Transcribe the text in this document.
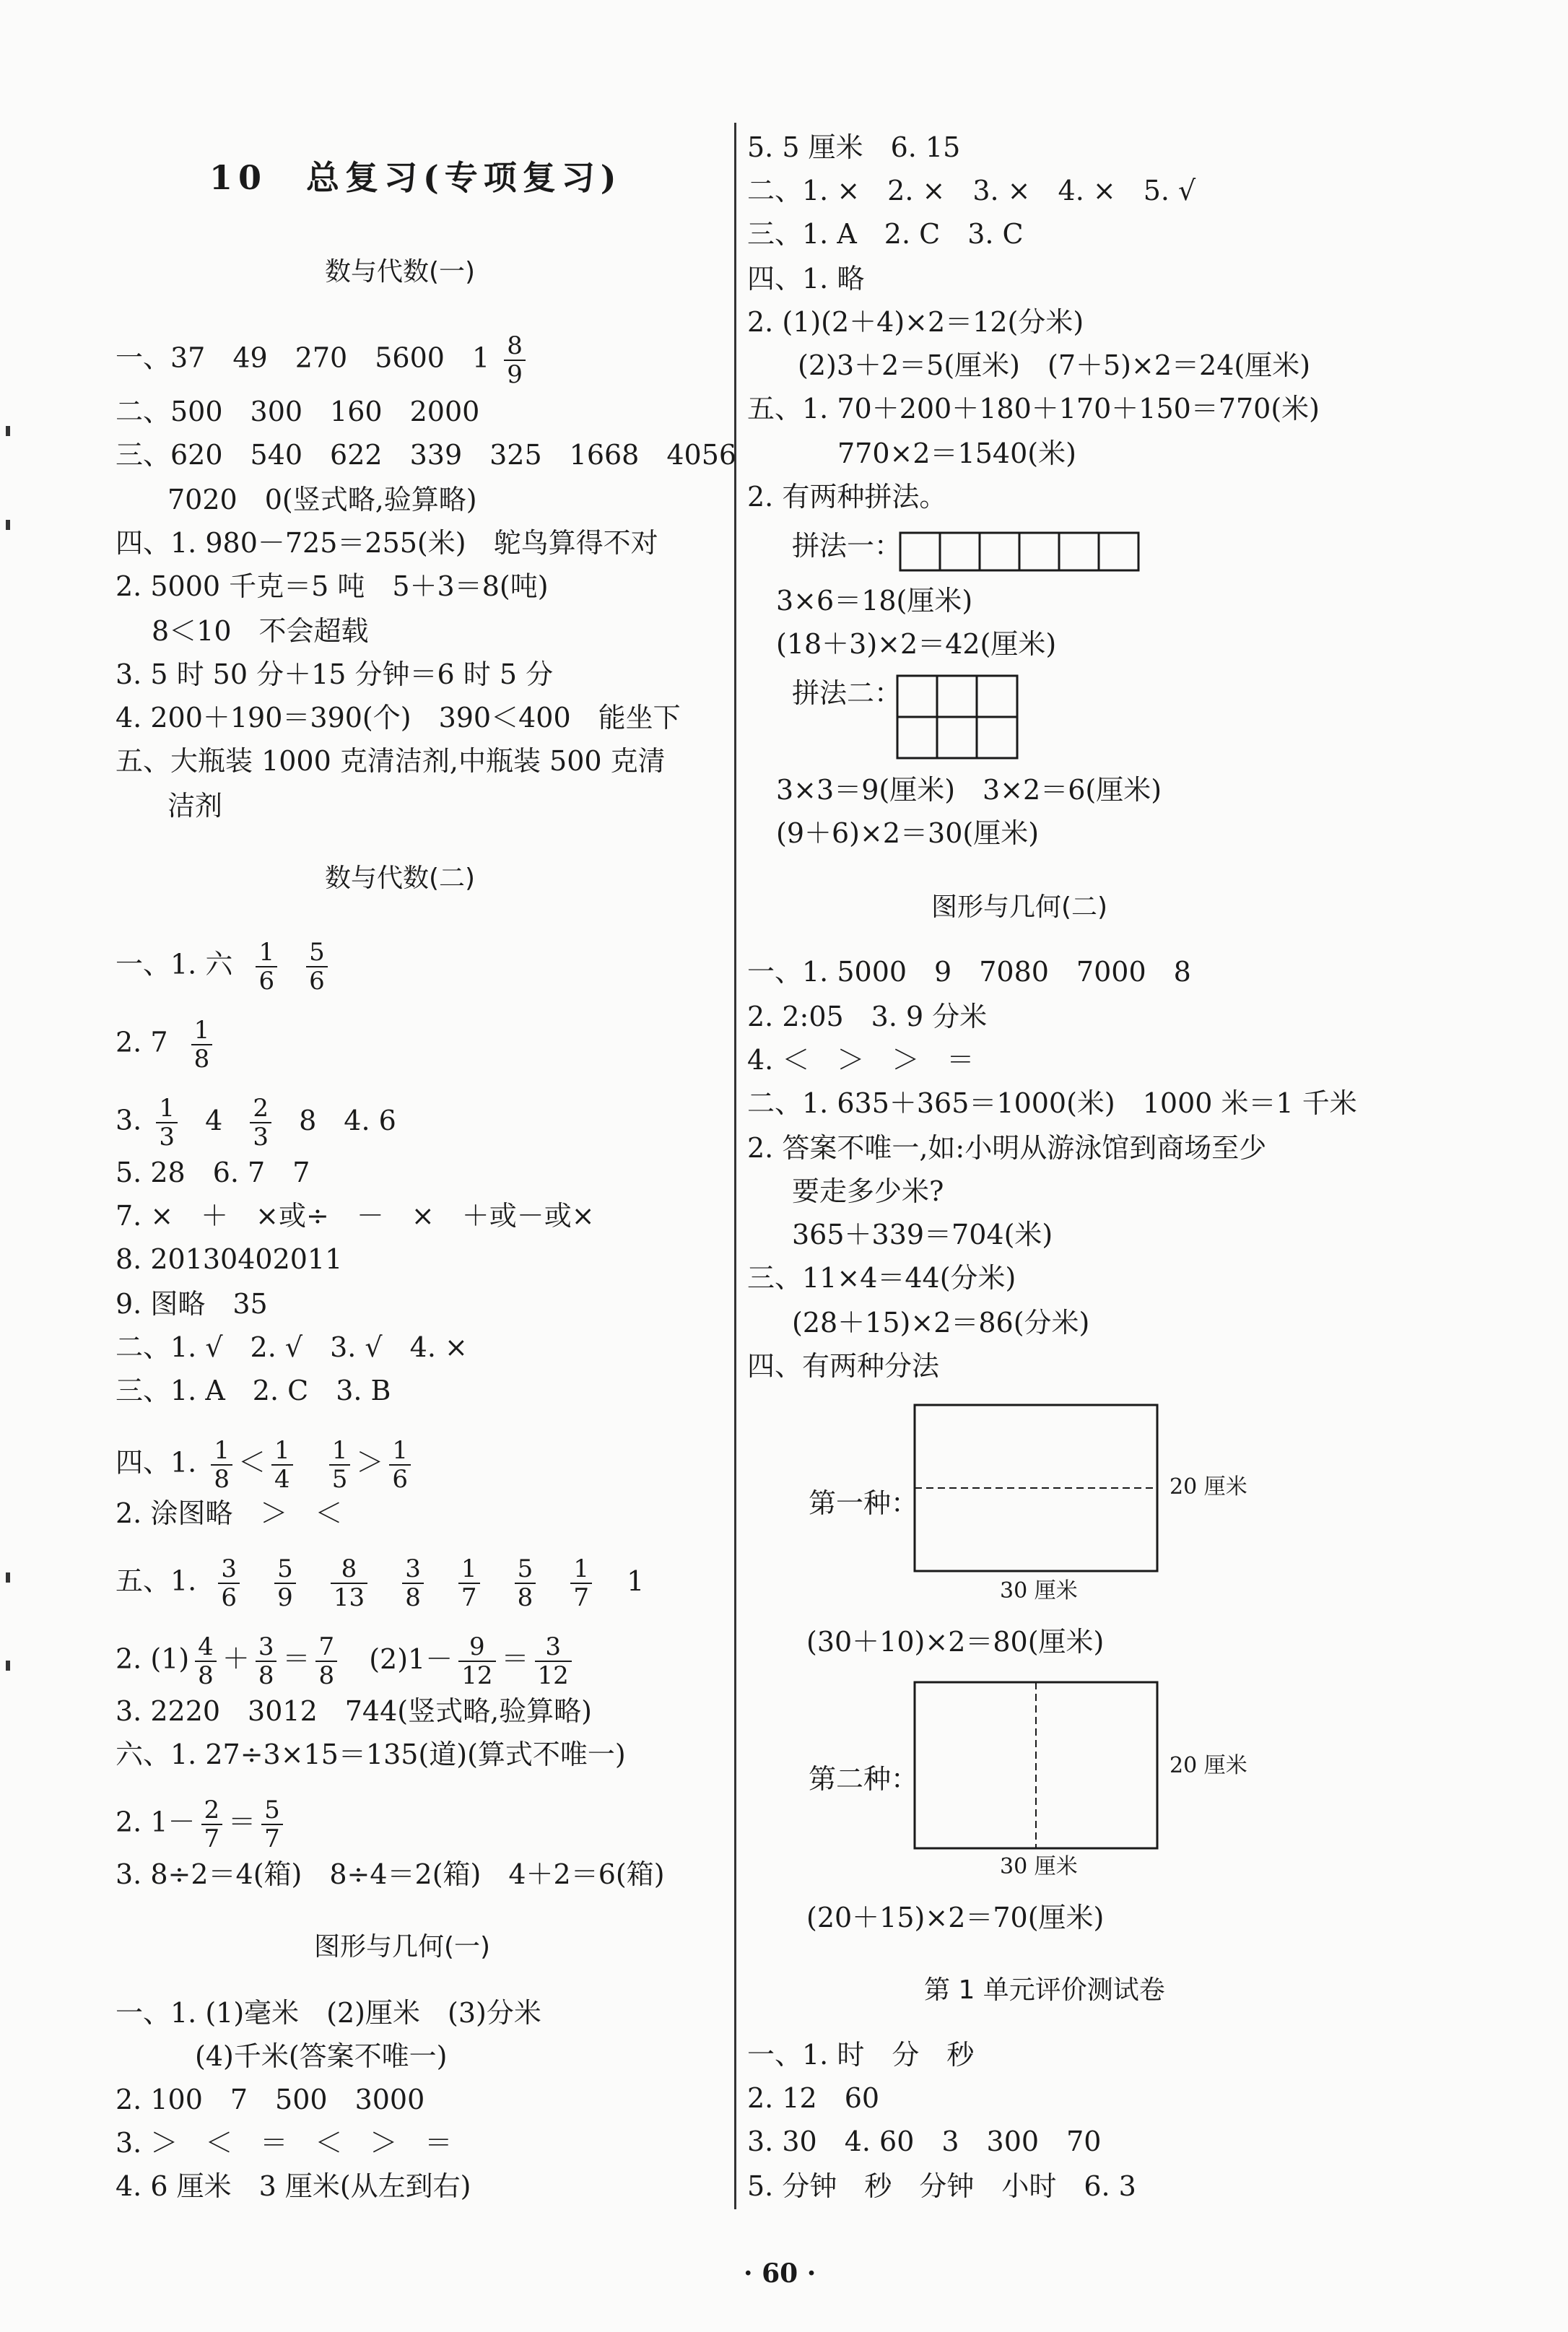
10　总复习(专项复习)
数与代数(一)
一、37　49　270　5600　$1 \frac{8}{9}$
二、500　300　160　2000
三、620　540　622　339　325　1668　4056
7020　0(竖式略,验算略)
四、1. 980－725＝255(米)　鸵鸟算得不对
2. 5000 千克＝5 吨　5＋3＝8(吨)
8＜10　不会超载
3. 5 时 50 分＋15 分钟＝6 时 5 分
4. 200＋190＝390(个)　390＜400　能坐下
五、大瓶装 1000 克清洁剂,中瓶装 500 克清
洁剂
数与代数(二)
一、1. 六 $\frac{1}{6}$
$\frac{5}{6}$
2. $7 \frac{1}{8}$
3. $\frac{1}{3} 4 \frac{2}{3} 8$　4. 6
5. 28　6. 7　7
7. ×　＋　×或÷　－　×　＋或－或×
8. 20130402011
9. 图略　35
二、1. √　2. √　3. √　4. ×
三、1. A　2. C　3. B
四、1. $\frac{1}{8} < \frac{1}{4}$
$\frac{1}{5} > \frac{1}{6}$
2. 涂图略　＞　＜
五、1. $\frac{3}{6}$
$\frac{5}{9}$
$\frac{8}{13}$
$\frac{3}{8}$
$\frac{1}{7}$
$\frac{5}{8}$
$\frac{1}{7} 1$
2. $(1) \frac{4}{8} + \frac{3}{8} = \frac{7}{8} (2)1- \frac{9}{12} = \frac{3}{12}$
3. 2220　3012　744(竖式略,验算略)
六、1. 27÷3×15＝135(道)(算式不唯一)
2. $1- \frac{2}{7} = \frac{5}{7}$
3. 8÷2＝4(箱)　8÷4＝2(箱)　4＋2＝6(箱)
图形与几何(一)
一、1. (1)毫米　(2)厘米　(3)分米
(4)千米(答案不唯一)
2. 100　7　500　3000
3. ＞　＜　＝　＜　＞　＝
4. 6 厘米　3 厘米(从左到右)
5. 5 厘米　6. 15
二、1. ×　2. ×　3. ×　4. ×　5. √
三、1. A　2. C　3. C
四、1. 略
2. (1)(2＋4)×2＝12(分米)
(2)3＋2＝5(厘米)　(7＋5)×2＝24(厘米)
五、1. 70＋200＋180＋170＋150＝770(米)
770×2＝1540(米)
2. 有两种拼法。
拼法一：
3×6＝18(厘米)
(18＋3)×2＝42(厘米)
拼法二：
3×3＝9(厘米)　3×2＝6(厘米)
(9＋6)×2＝30(厘米)
图形与几何(二)
一、1. 5000　9　7080　7000　8
2. 2:05　3. 9 分米
4. ＜　＞　＞　＝
二、1. 635＋365＝1000(米)　1000 米＝1 千米
2. 答案不唯一,如:小明从游泳馆到商场至少
要走多少米?
365＋339＝704(米)
三、11×4＝44(分米)
(28＋15)×2＝86(分米)
四、有两种分法
第一种：
20 厘米
30 厘米
(30＋10)×2＝80(厘米)
第二种：	20 厘米
30 厘米
(20＋15)×2＝70(厘米)
第 1 单元评价测试卷
一、1. 时　分　秒
2. 12　60
3. 30　4. 60　3　300　70
5. 分钟　秒　分钟　小时　6. 3
· 60 ·
